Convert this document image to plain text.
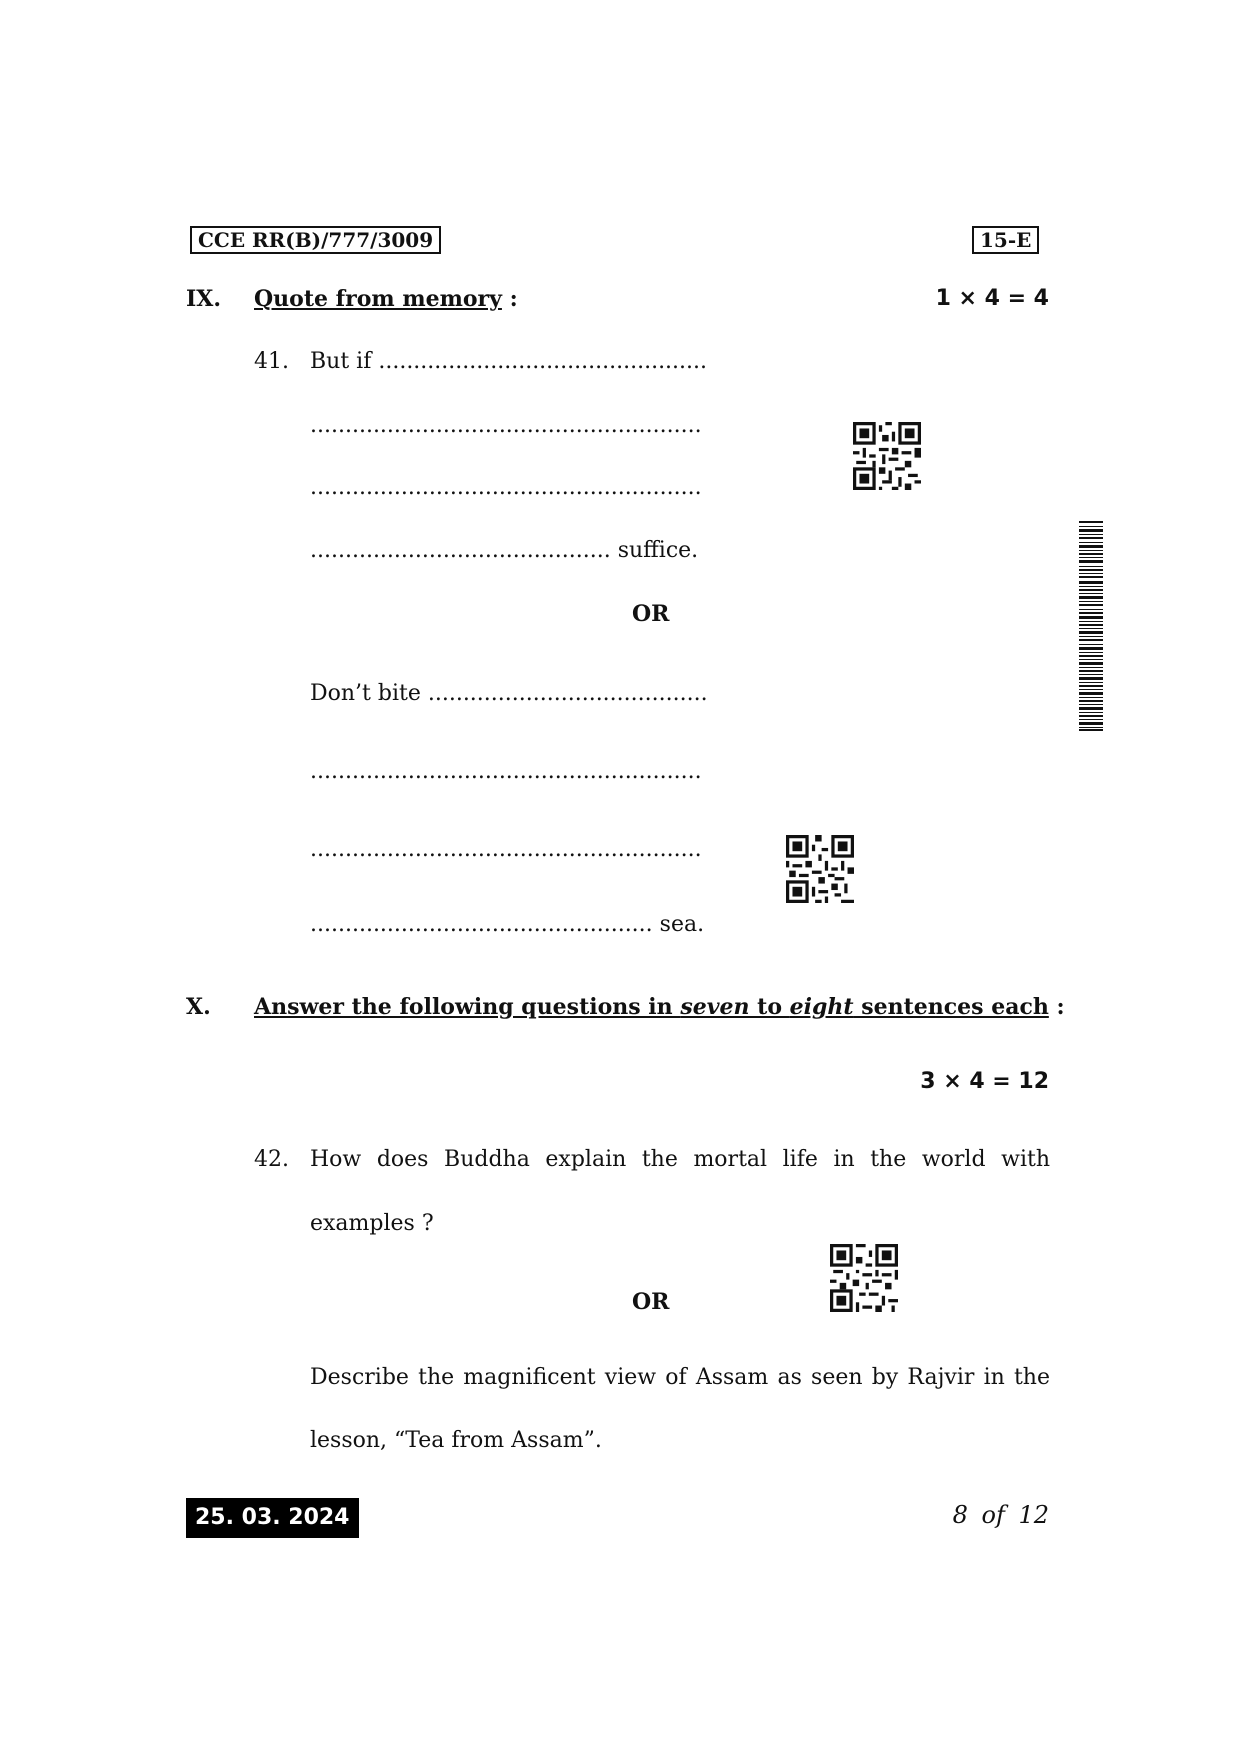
CCE RR(B)/777/3009	15-E
IX. Quote from memory :	1 × 4 = 4
41. But if ...............................................
........................................................
........................................................
........................................... suffice.
OR
Don’t bite ........................................
........................................................
........................................................
................................................. sea.
X. Answer the following questions in seven to eight sentences each :
3 × 4 = 12
42. How does Buddha explain the mortal life in the world with
examples ?
OR
Describe the magnificent view of Assam as seen by Rajvir in the
lesson, “Tea from Assam”.
25. 03. 2024	8 of 12
